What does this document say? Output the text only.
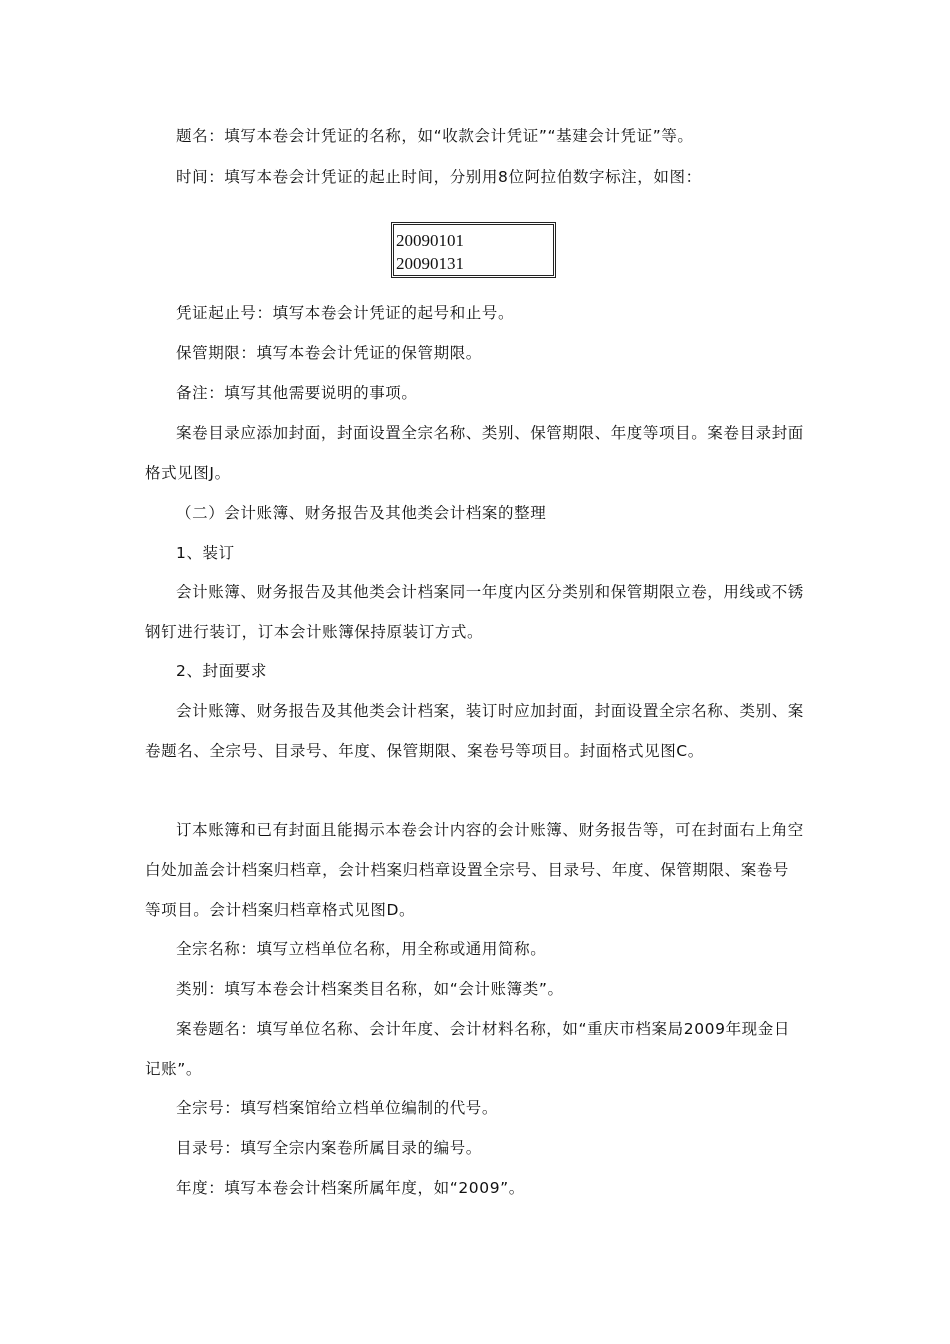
题名：填写本卷会计凭证的名称，如“收款会计凭证”“基建会计凭证”等。

时间：填写本卷会计凭证的起止时间，分别用8位阿拉伯数字标注，如图：

20090101
20090131

凭证起止号：填写本卷会计凭证的起号和止号。

保管期限：填写本卷会计凭证的保管期限。

备注：填写其他需要说明的事项。

案卷目录应添加封面，封面设置全宗名称、类别、保管期限、年度等项目。案卷目录封面格式见图J。

（二）会计账簿、财务报告及其他类会计档案的整理

1、装订

会计账簿、财务报告及其他类会计档案同一年度内区分类别和保管期限立卷，用线或不锈钢钉进行装订，订本会计账簿保持原装订方式。

2、封面要求

会计账簿、财务报告及其他类会计档案，装订时应加封面，封面设置全宗名称、类别、案卷题名、全宗号、目录号、年度、保管期限、案卷号等项目。封面格式见图C。

订本账簿和已有封面且能揭示本卷会计内容的会计账簿、财务报告等，可在封面右上角空白处加盖会计档案归档章，会计档案归档章设置全宗号、目录号、年度、保管期限、案卷号等项目。会计档案归档章格式见图D。

全宗名称：填写立档单位名称，用全称或通用简称。

类别：填写本卷会计档案类目名称，如“会计账簿类”。

案卷题名：填写单位名称、会计年度、会计材料名称，如“重庆市档案局2009年现金日记账”。

全宗号：填写档案馆给立档单位编制的代号。

目录号：填写全宗内案卷所属目录的编号。

年度：填写本卷会计档案所属年度，如“2009”。
